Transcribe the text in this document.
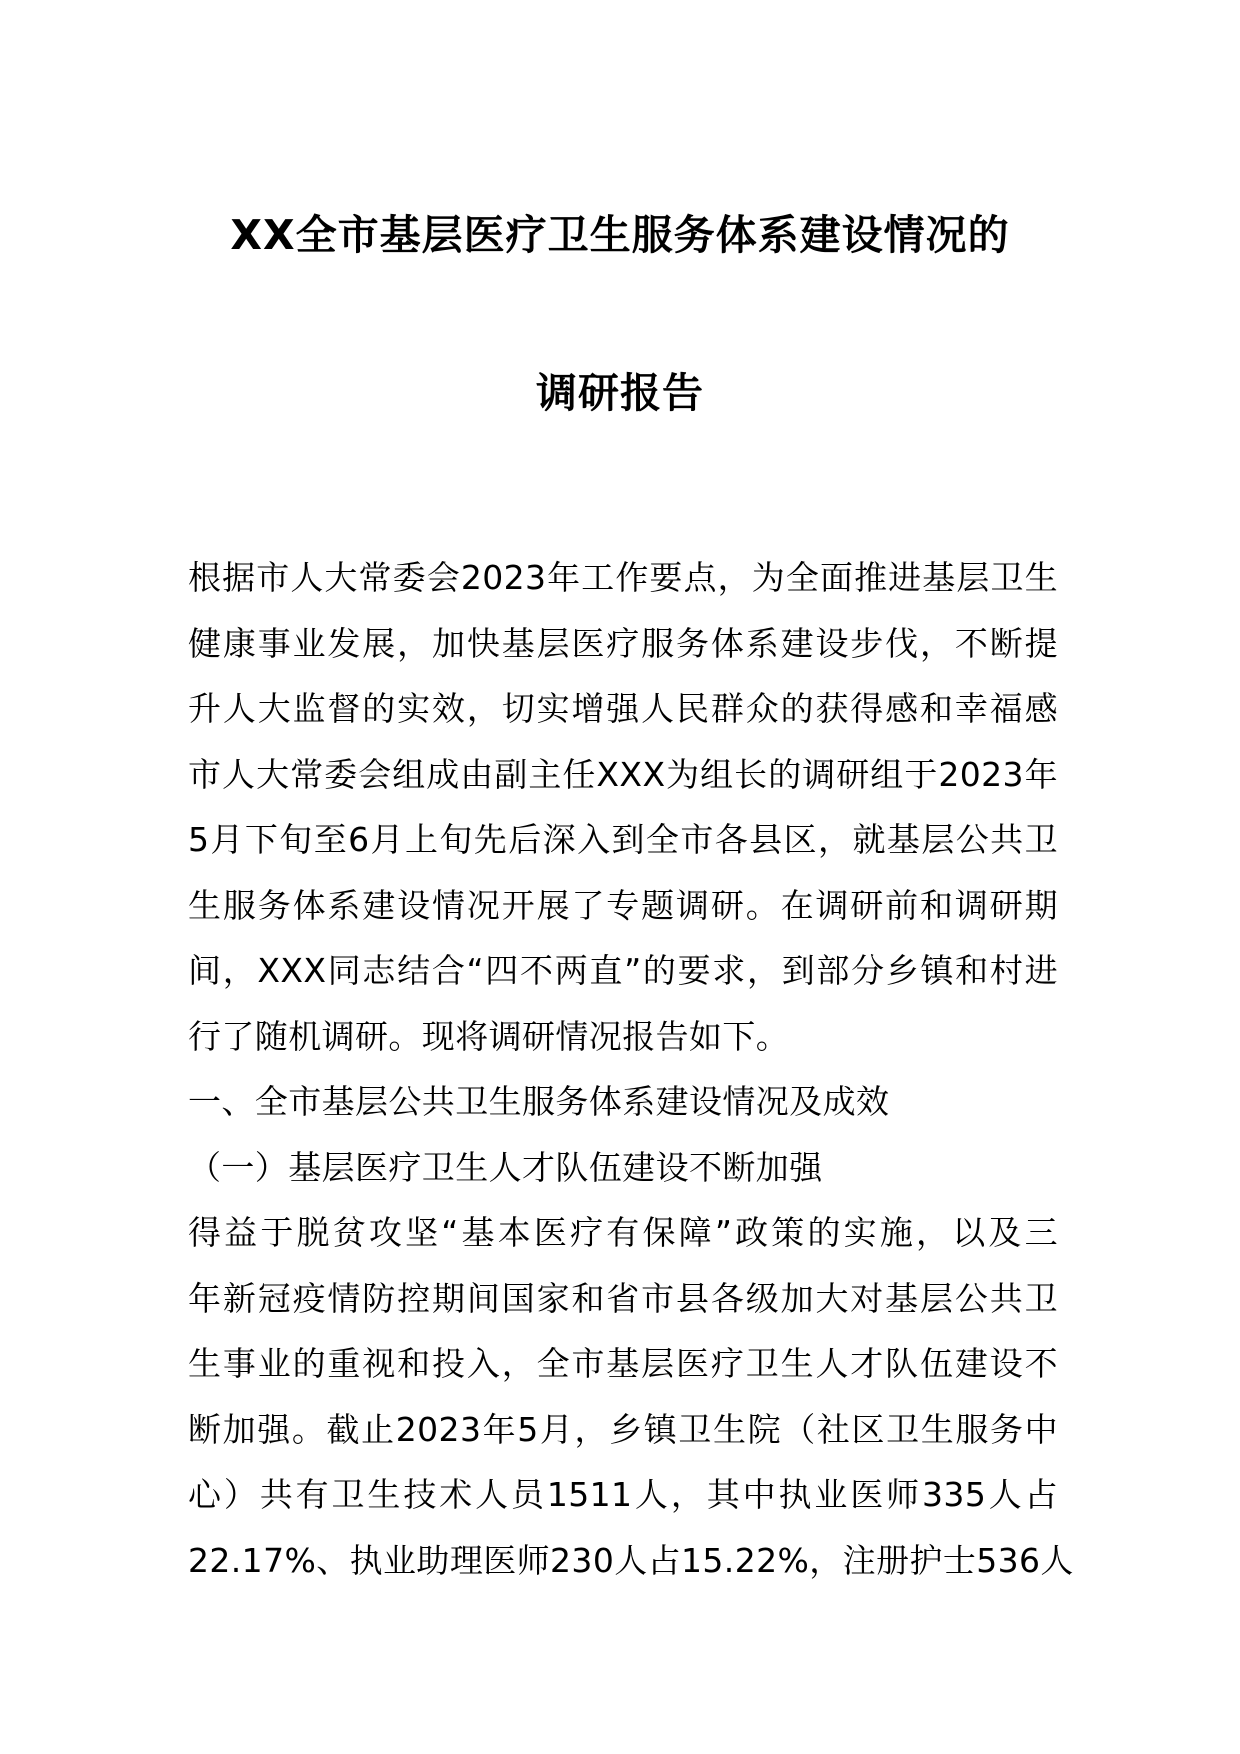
XX全市基层医疗卫生服务体系建设情况的
调研报告
根据市人大常委会2023年工作要点，为全面推进基层卫生
健康事业发展，加快基层医疗服务体系建设步伐，不断提
升人大监督的实效，切实增强人民群众的获得感和幸福感
市人大常委会组成由副主任XXX为组长的调研组于2023年
5月下旬至6月上旬先后深入到全市各县区，就基层公共卫
生服务体系建设情况开展了专题调研。在调研前和调研期
间，XXX同志结合“四不两直”的要求，到部分乡镇和村进
行了随机调研。现将调研情况报告如下。
一、全市基层公共卫生服务体系建设情况及成效
（一）基层医疗卫生人才队伍建设不断加强
得益于脱贫攻坚“基本医疗有保障”政策的实施，以及三
年新冠疫情防控期间国家和省市县各级加大对基层公共卫
生事业的重视和投入，全市基层医疗卫生人才队伍建设不
断加强。截止2023年5月，乡镇卫生院（社区卫生服务中
心）共有卫生技术人员1511人，其中执业医师335人占
22.17%、执业助理医师230人占15.22%，注册护士536人
